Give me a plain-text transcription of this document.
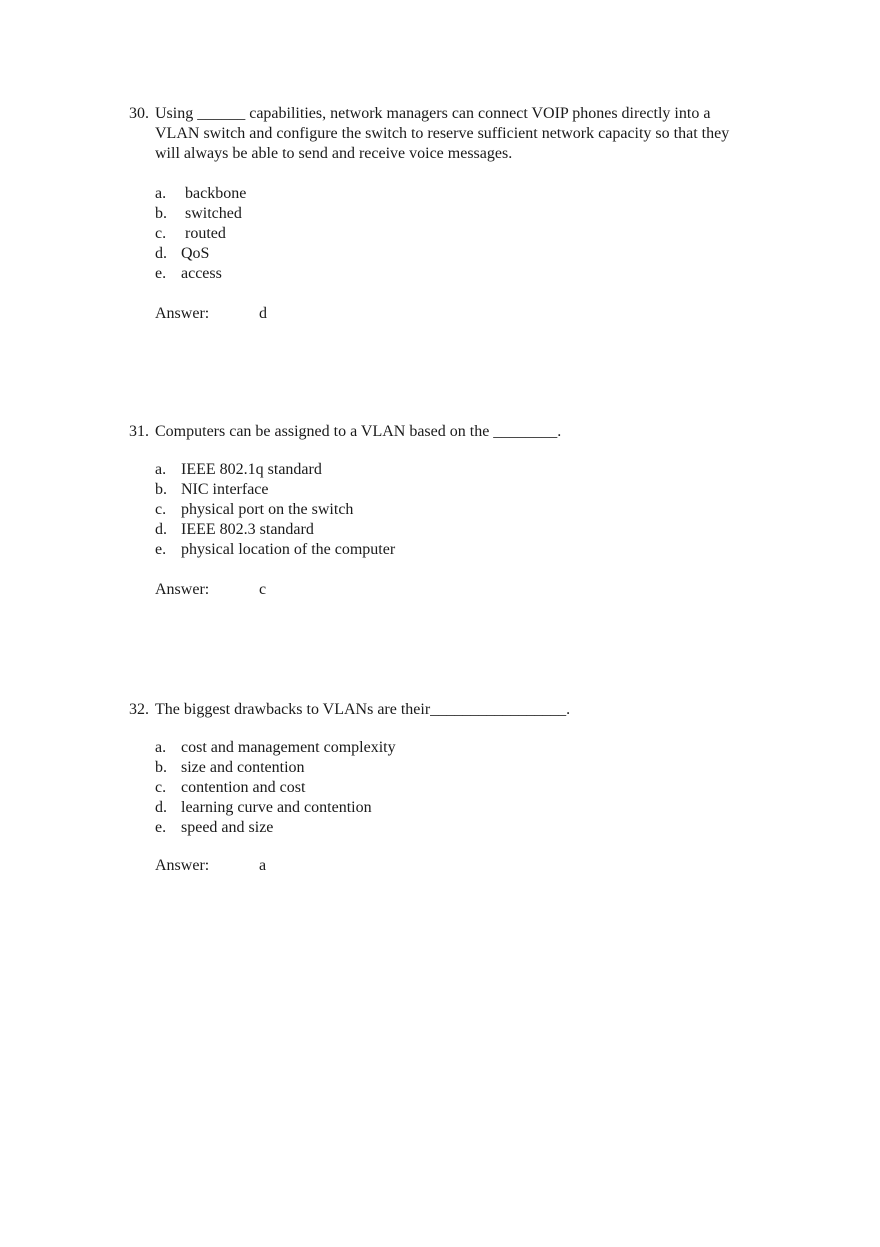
30. Using ______ capabilities, network managers can connect VOIP phones directly into a VLAN switch and configure the switch to reserve sufficient network capacity so that they will always be able to send and receive voice messages.
a. backbone
b. switched
c. routed
d. QoS
e. access
Answer:	d
31. Computers can be assigned to a VLAN based on the ________.
a. IEEE 802.1q standard
b. NIC interface
c. physical port on the switch
d. IEEE 802.3 standard
e. physical location of the computer
Answer:	c
32. The biggest drawbacks to VLANs are their_________________.
a. cost and management complexity
b. size and contention
c. contention and cost
d. learning curve and contention
e. speed and size
Answer:	a
